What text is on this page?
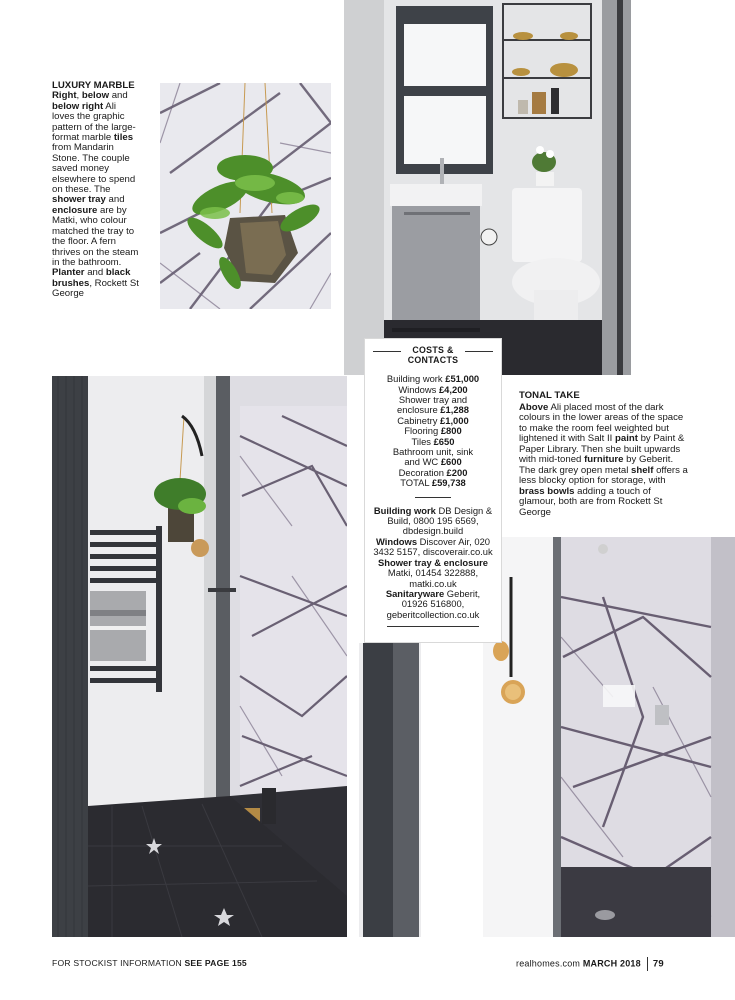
LUXURY MARBLE
Right, below and below right Ali loves the graphic pattern of the large-format marble tiles from Mandarin Stone. The couple saved money elsewhere to spend on these. The shower tray and enclosure are by Matki, who colour matched the tray to the floor. A fern thrives on the steam in the bathroom. Planter and black brushes, Rockett St George
COSTS &
CONTACTS
Building work £51,000
Windows £4,200
Shower tray and
enclosure £1,288
Cabinetry £1,000
Flooring £800
Tiles £650
Bathroom unit, sink
and WC £600
Decoration £200
TOTAL £59,738
Building work DB Design &
Build, 0800 195 6569,
dbdesign.build
Windows Discover Air, 020
3432 5157, discoverair.co.uk
Shower tray & enclosure
Matki, 01454 322888,
matki.co.uk
Sanitaryware Geberit,
01926 516800,
geberitcollection.co.uk
TONAL TAKE
Above Ali placed most of the dark colours in the lower areas of the space to make the room feel weighted but lightened it with Salt II paint by Paint & Paper Library. Then she built upwards with mid-toned furniture by Geberit. The dark grey open metal shelf offers a less blocky option for storage, with brass bowls adding a touch of glamour, both are from Rockett St George
FOR STOCKIST INFORMATION SEE PAGE 155	realhomes.com MARCH 2018 79
